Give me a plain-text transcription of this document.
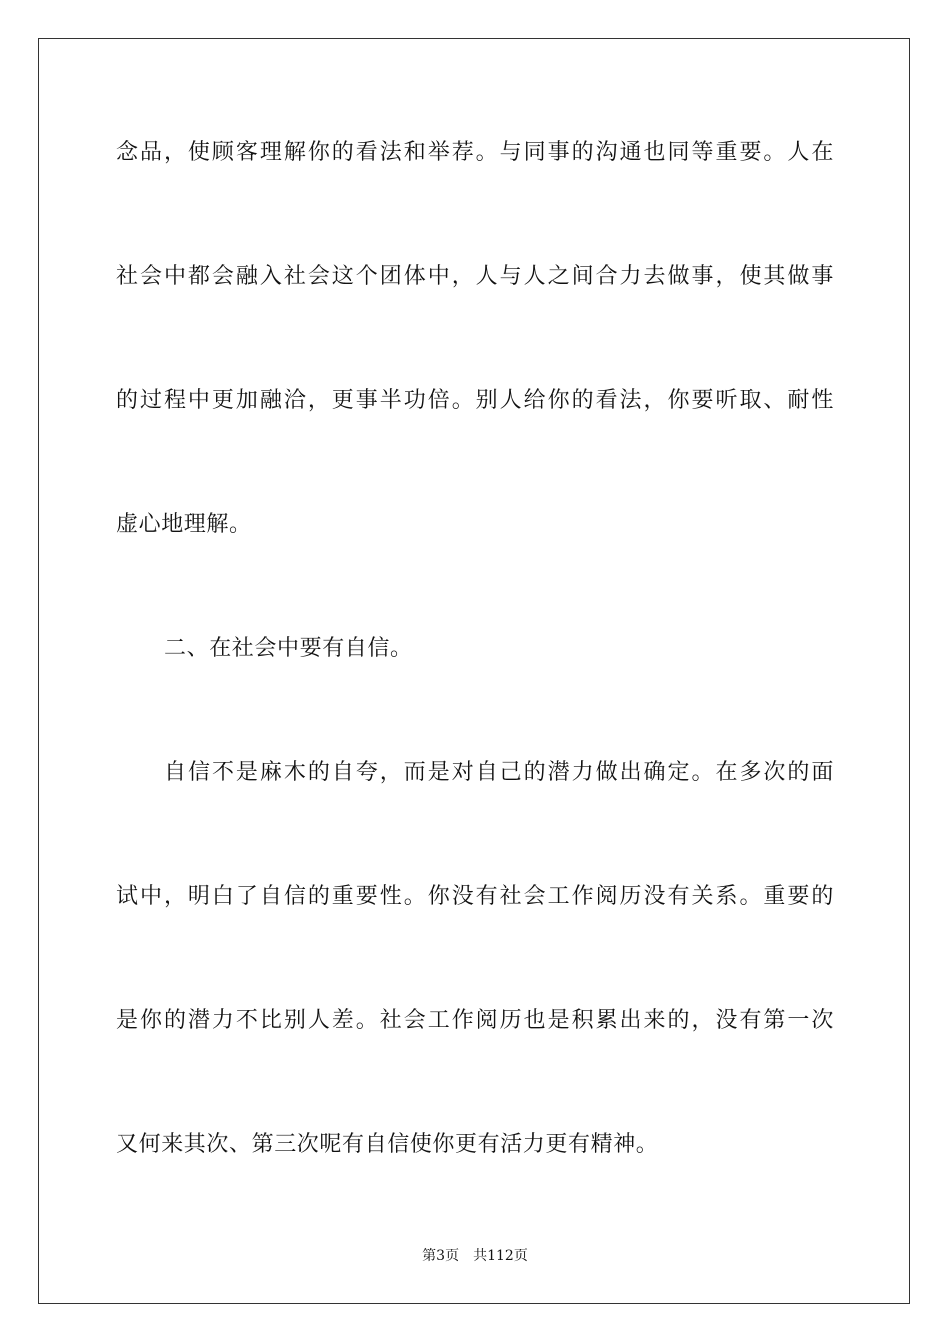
念品，使顾客理解你的看法和举荐。与同事的沟通也同等重要。人在
社会中都会融入社会这个团体中，人与人之间合力去做事，使其做事
的过程中更加融洽，更事半功倍。别人给你的看法，你要听取、耐性
虚心地理解。
二、在社会中要有自信。
自信不是麻木的自夸，而是对自己的潜力做出确定。在多次的面
试中，明白了自信的重要性。你没有社会工作阅历没有关系。重要的
是你的潜力不比别人差。社会工作阅历也是积累出来的，没有第一次
又何来其次、第三次呢有自信使你更有活力更有精神。
第3页 共112页
